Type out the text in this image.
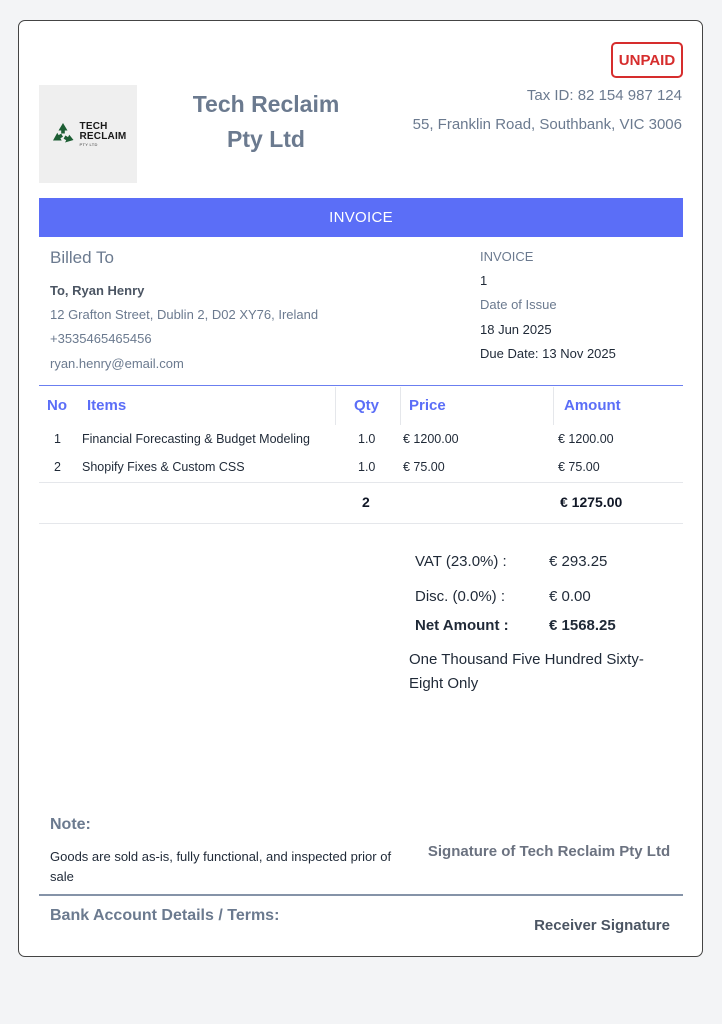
UNPAID
TECH
RECLAIM
PTY LTD
Tech Reclaim
Pty Ltd
Tax ID: 82 154 987 124
55, Franklin Road, Southbank, VIC 3006
INVOICE
Billed To
To, Ryan Henry
12 Grafton Street, Dublin 2, D02 XY76, Ireland
+3535465465456
ryan.henry@email.com
INVOICE
1
Date of Issue
18 Jun 2025
Due Date: 13 Nov 2025
No Items	Qty Price	Amount
1 Financial Forecasting & Budget Modeling	1.0 € 1200.00	€ 1200.00
2 Shopify Fixes & Custom CSS	1.0 € 75.00	€ 75.00
2	€ 1275.00
VAT (23.0%) :	€ 293.25
Disc. (0.0%) :	€ 0.00
Net Amount :	€ 1568.25
One Thousand Five Hundred Sixty-Eight Only
Note:
Goods are sold as-is, fully functional, and inspected prior of sale
Signature of Tech Reclaim Pty Ltd
Bank Account Details / Terms:
Receiver Signature
